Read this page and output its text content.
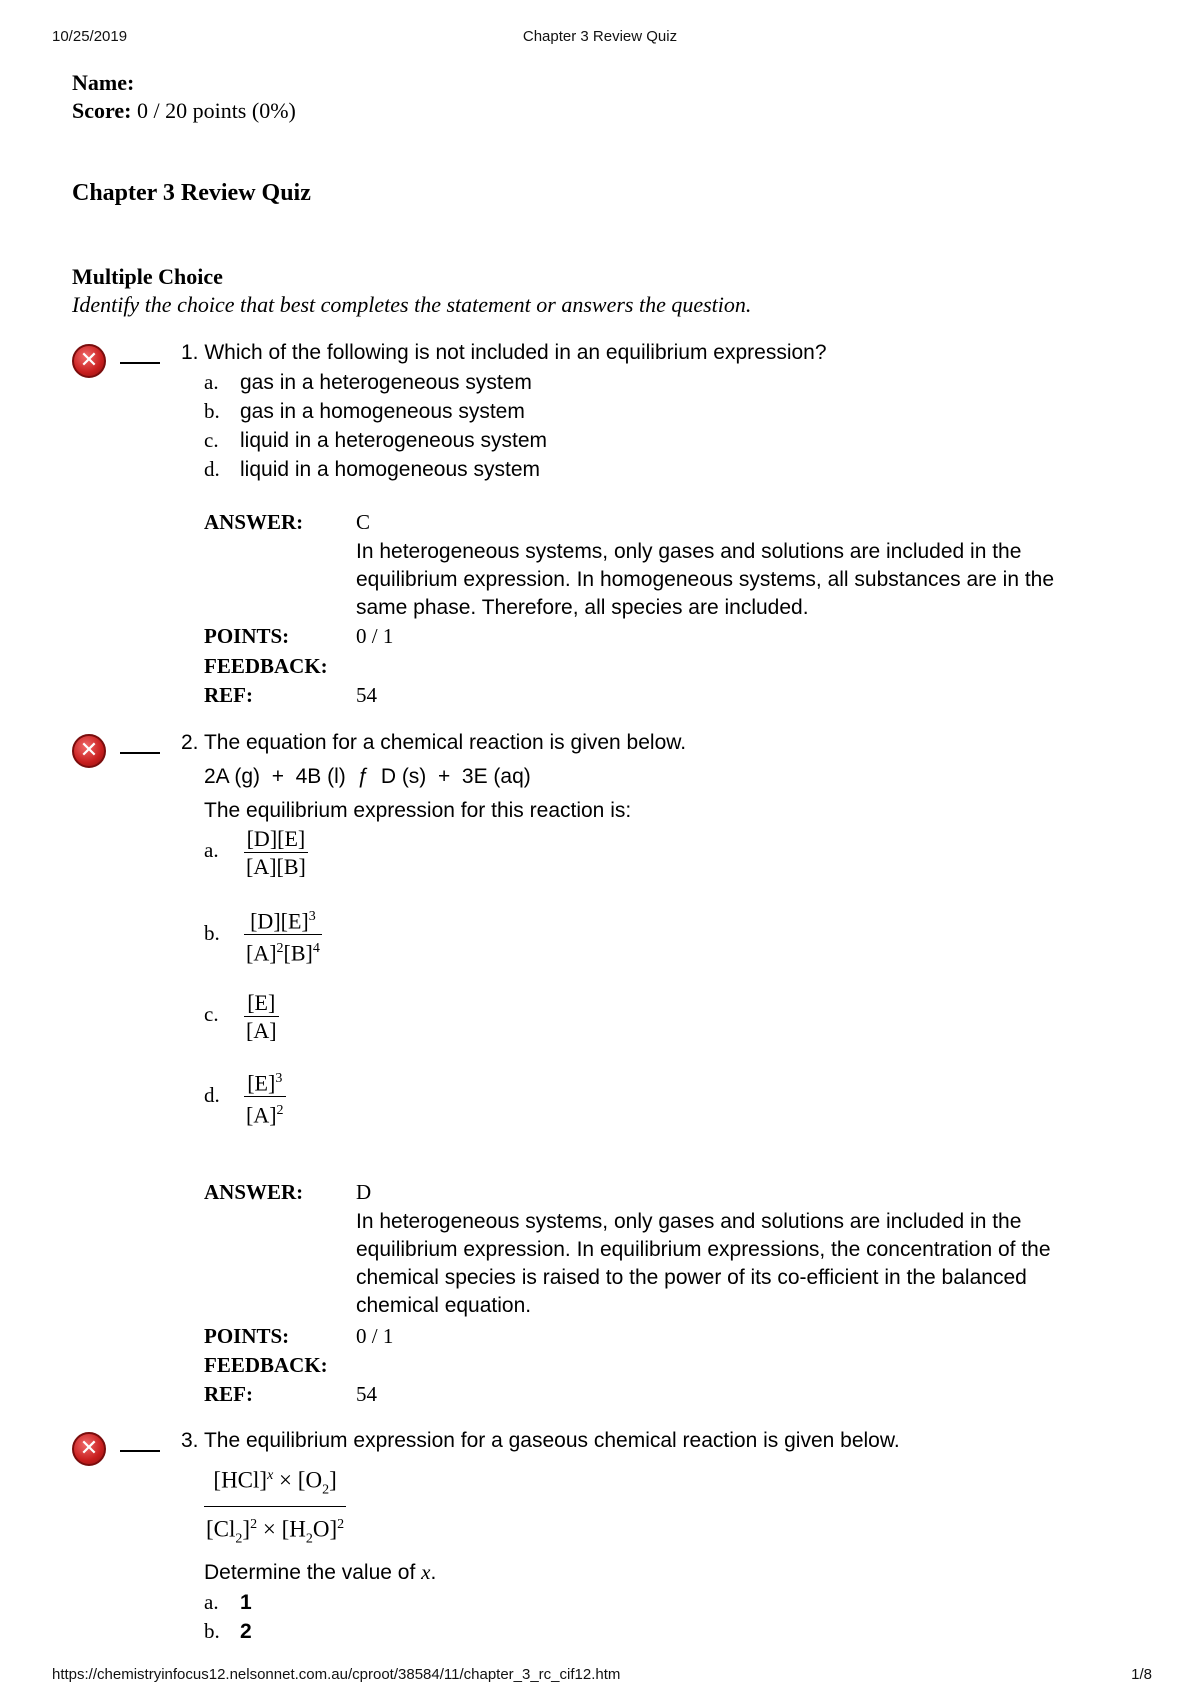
10/25/2019	Chapter 3 Review Quiz
Name:
Score: 0 / 20 points (0%)
Chapter 3 Review Quiz
Multiple Choice
Identify the choice that best completes the statement or answers the question.
✕	1. Which of the following is not included in an equilibrium expression?
a. gas in a heterogeneous system
b. gas in a homogeneous system
c. liquid in a heterogeneous system
d. liquid in a homogeneous system
ANSWER:	C
In heterogeneous systems, only gases and solutions are included in the equilibrium expression. In homogeneous systems, all substances are in the same phase. Therefore, all species are included.
POINTS:	0 / 1
FEEDBACK:
REF:	54
✕	2. The equation for a chemical reaction is given below.
2A (g)  +  4B (l)  ƒ  D (s)  +  3E (aq)
The equilibrium expression for this reaction is:
a. $\frac{[D][E]}{[A][B]}$
b. $\frac{[D][E]^3}{[A]^2[B]^4}$
c. $\frac{[E]}{[A]}$
d. $\frac{[E]^3}{[A]^2}$
ANSWER:	D
In heterogeneous systems, only gases and solutions are included in the equilibrium expression. In equilibrium expressions, the concentration of the chemical species is raised to the power of its co-efficient in the balanced chemical equation.
POINTS:	0 / 1
FEEDBACK:
REF:	54
✕	3. The equilibrium expression for a gaseous chemical reaction is given below.
$\frac{[HCl]^x \times [O_2]}{[Cl_2]^2 \times [H_2O]^2}$
Determine the value of x.
a. 1
b. 2
https://chemistryinfocus12.nelsonnet.com.au/cproot/38584/11/chapter_3_rc_cif12.htm	1/8
